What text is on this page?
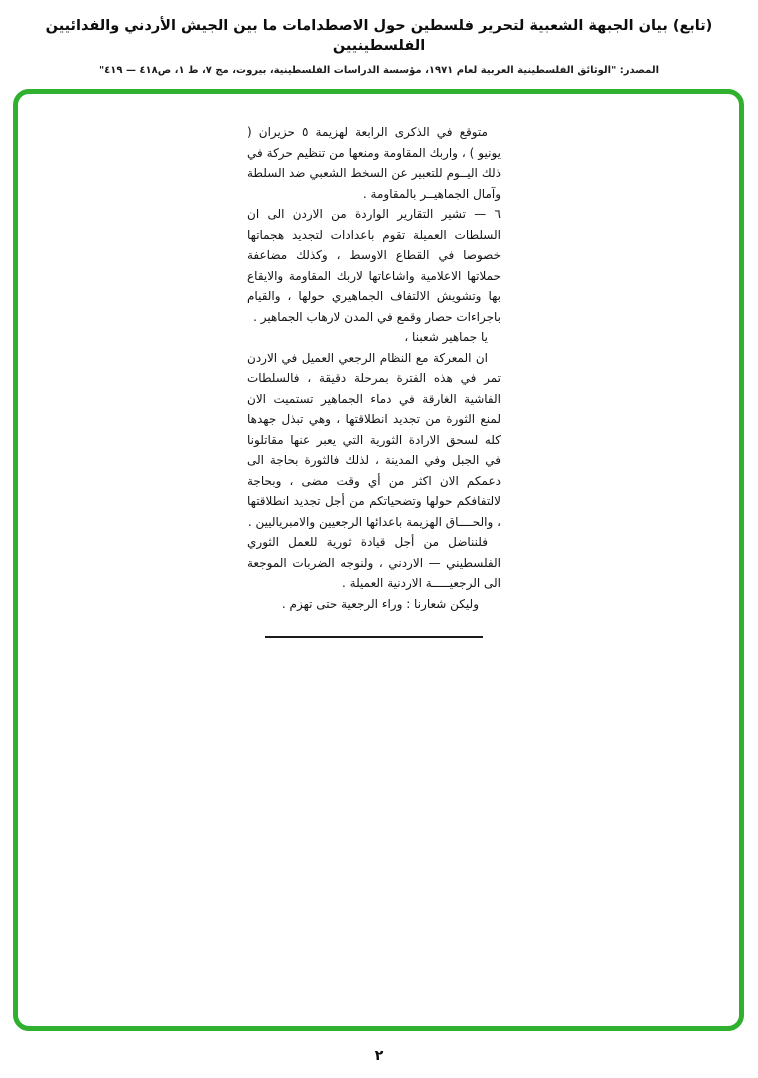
(تابع) بيان الجبهة الشعبية لتحرير فلسطين حول الاصطدامات ما بين الجيش الأردني والفدائيين الفلسطينيين
المصدر: "الوثائق الفلسطينية العربية لعام ١٩٧١، مؤسسة الدراسات الفلسطينية، بيروت، مج ٧، ط ١، ص٤١٨ — ٤١٩"

متوقع في الذكرى الرابعة لهزيمة ٥ حزيران ( يونيو ) ، واربك المقاومة ومنعها من تنظيم حركة في ذلك اليــوم للتعبير عن السخط الشعبي ضد السلطة وآمال الجماهيــر بالمقاومة .

٦ — تشير التقارير الواردة من الاردن الى ان السلطات العميلة تقوم باعدادات لتجديد هجماتها خصوصا في القطاع الاوسط ، وكذلك مضاعفة حملاتها الاعلامية واشاعاتها لاربك المقاومة والايقاع بها وتشويش الالتفاف الجماهيري حولها ، والقيام باجراءات حصار وقمع في المدن لارهاب الجماهير .

يا جماهير شعبنا ،

ان المعركة مع النظام الرجعي العميل في الاردن تمر في هذه الفترة بمرحلة دقيقة ، فالسلطات الفاشية الغارقة في دماء الجماهير تستميت الان لمنع الثورة من تجديد انطلاقتها ، وهي تبذل جهدها كله لسحق الارادة الثورية التي يعبر عنها مقاتلونا في الجبل وفي المدينة ، لذلك فالثورة بحاجة الى دعمكم الان اكثر من أي وقت مضى ، وبحاجة لالتفافكم حولها وتضحياتكم من أجل تجديد انطلاقتها ، والحــــاق الهزيمة باعدائها الرجعيين والامبرياليين .

فلنناضل من أجل قيادة ثورية للعمل الثوري الفلسطيني — الاردني ، ولنوجه الضربات الموجعة الى الرجعيـــــة الاردنية العميلة .

وليكن شعارنا : وراء الرجعية حتى تهزم .

٢
